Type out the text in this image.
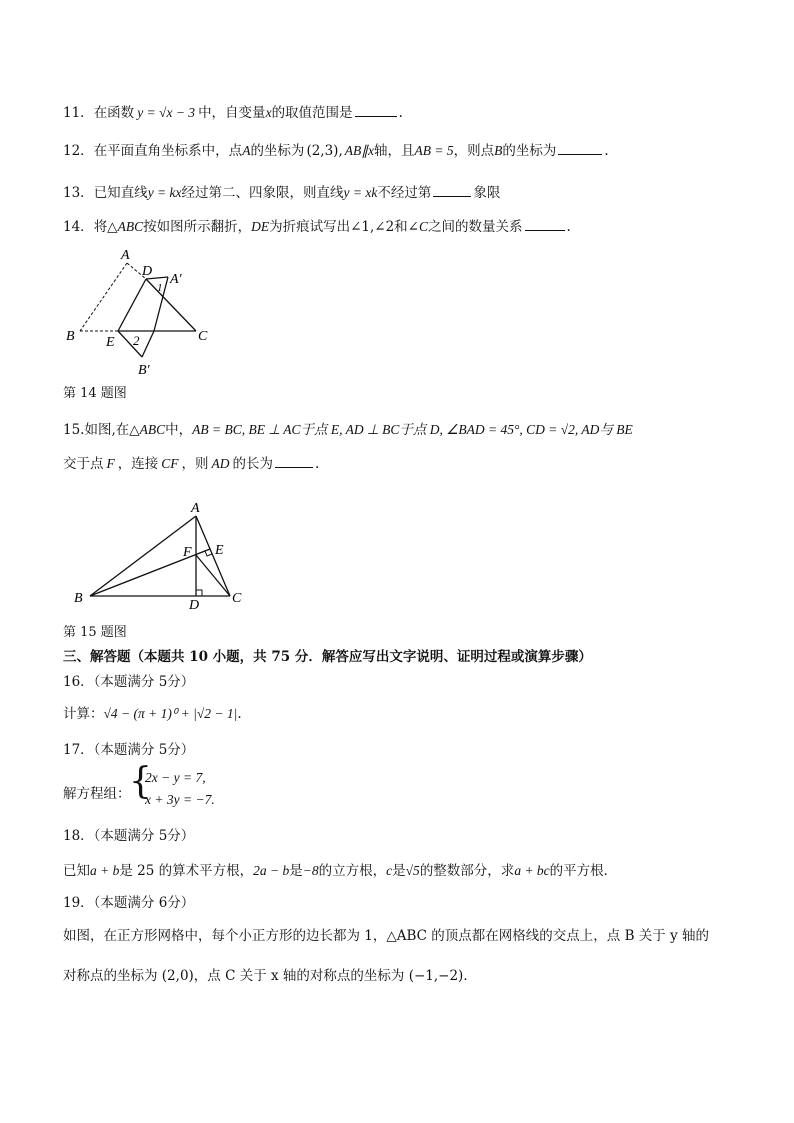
11．在函数 y = √x − 3 中，自变量x的取值范围是	.
12．在平面直角坐标系中，点A的坐标为 (2,3), AB∥x轴，且AB = 5，则点B的坐标为	.
13．已知直线y = kx经过第二、四象限，则直线y = xk不经过第	象限
14．将△ABC按如图所示翻折，DE为折痕试写出∠1,∠2和∠C之间的数量关系	.
A
D
A′
1
B E 2	C
B′
第 14 题图
15.如图,在△ABC中，AB = BC, BE ⊥ AC于点 E, AD ⊥ BC于点 D, ∠BAD = 45°, CD = √2, AD与 BE
交于点 F ，连接 CF ，则 AD 的长为	.
A
F E
B	D C
第 15 题图
三、解答题（本题共 10 小题，共 75 分．解答应写出文字说明、证明过程或演算步骤）
16．（本题满分 5分）
计算：√4 − (π + 1)⁰ + |√2 − 1|.
17．（本题满分 5分）
解方程组：
{
2x − y = 7,
x + 3y = −7.
18．（本题满分 5分）
已知a + b是 25 的算术平方根，2a − b是−8的立方根，c是√5的整数部分，求a + bc的平方根．
19．（本题满分 6分）
如图，在正方形网格中，每个小正方形的边长都为 1，△ABC 的顶点都在网格线的交点上，点 B 关于 y 轴的
对称点的坐标为 (2,0)，点 C 关于 x 轴的对称点的坐标为 (−1,−2)．
